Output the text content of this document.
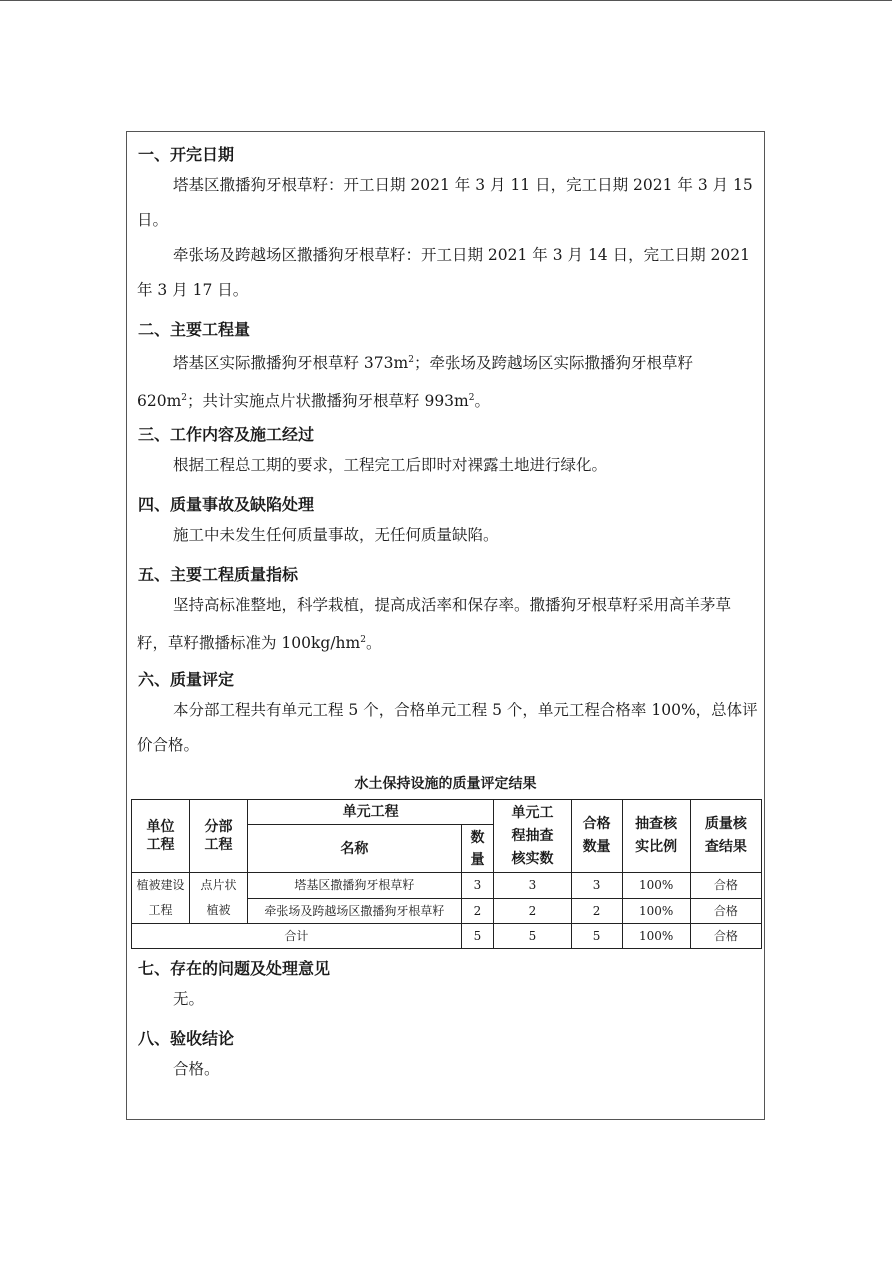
一、开完日期
塔基区撒播狗牙根草籽：开工日期 2021 年 3 月 11 日，完工日期 2021 年 3 月 15 日。
牵张场及跨越场区撒播狗牙根草籽：开工日期 2021 年 3 月 14 日，完工日期 2021 年 3 月 17 日。
二、主要工程量
塔基区实际撒播狗牙根草籽 $373m^2$；牵张场及跨越场区实际撒播狗牙根草籽 $620m^2$；共计实施点片状撒播狗牙根草籽 $993m^2$。
三、工作内容及施工经过
根据工程总工期的要求，工程完工后即时对裸露土地进行绿化。
四、质量事故及缺陷处理
施工中未发生任何质量事故，无任何质量缺陷。
五、主要工程质量指标
坚持高标准整地，科学栽植，提高成活率和保存率。撒播狗牙根草籽采用高羊茅草籽，草籽撒播标准为 $100kg/hm^2$。
六、质量评定
本分部工程共有单元工程 5 个，合格单元工程 5 个，单元工程合格率 100%，总体评价合格。
水土保持设施的质量评定结果
单位工程	分部工程	单元工程		单元工程抽查核实数	合格数量	抽查核实比例	质量核查结果

		名称	数量				

植被建设工程	点片状植被	塔基区撒播狗牙根草籽	3	3	3	100%	合格
		牵张场及跨越场区撒播狗牙根草籽	2	2	2	100%	合格
合计			5	5	5	100%	合格
七、存在的问题及处理意见
无。
八、验收结论
合格。
